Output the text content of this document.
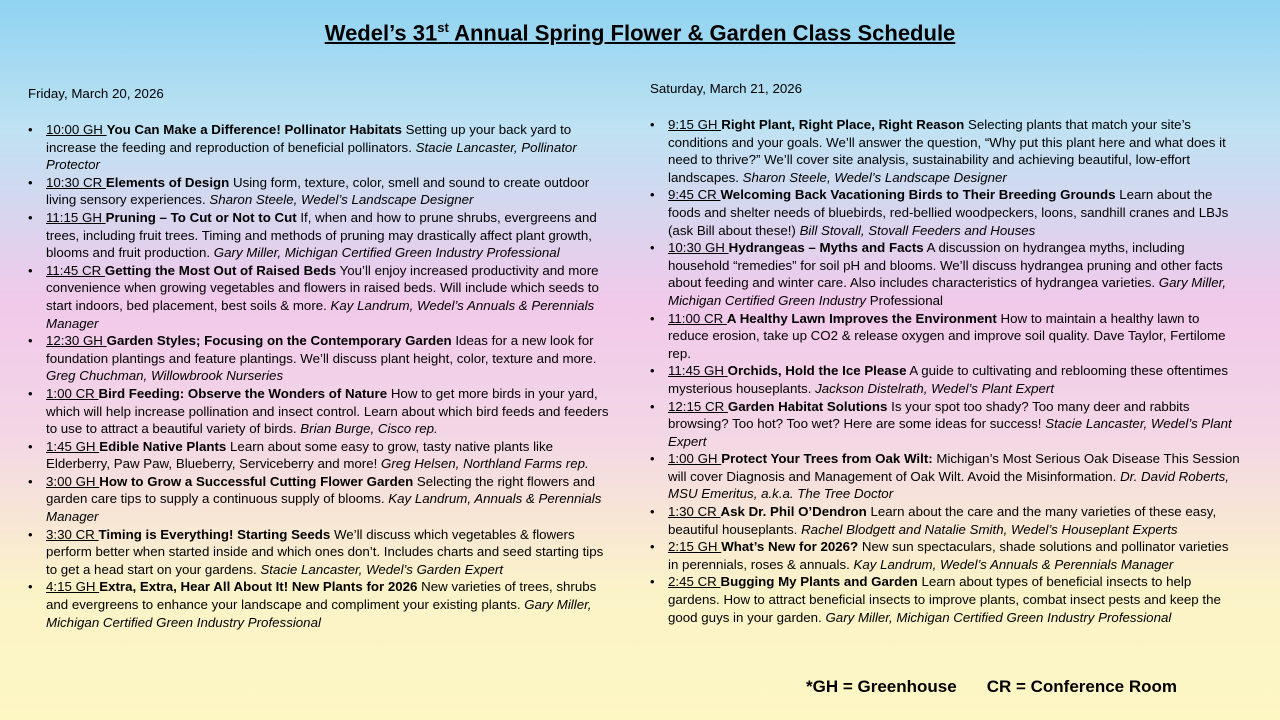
Wedel’s 31st Annual Spring Flower & Garden Class Schedule

Friday, March 20, 2026

• 10:00 GH You Can Make a Difference! Pollinator Habitats Setting up your back yard to increase the feeding and reproduction of beneficial pollinators. Stacie Lancaster, Pollinator Protector
• 10:30 CR Elements of Design Using form, texture, color, smell and sound to create outdoor living sensory experiences. Sharon Steele, Wedel’s Landscape Designer
• 11:15 GH Pruning – To Cut or Not to Cut If, when and how to prune shrubs, evergreens and trees, including fruit trees. Timing and methods of pruning may drastically affect plant growth, blooms and fruit production. Gary Miller, Michigan Certified Green Industry Professional
• 11:45 CR Getting the Most Out of Raised Beds You’ll enjoy increased productivity and more convenience when growing vegetables and flowers in raised beds. Will include which seeds to start indoors, bed placement, best soils & more. Kay Landrum, Wedel’s Annuals & Perennials Manager
• 12:30 GH Garden Styles; Focusing on the Contemporary Garden Ideas for a new look for foundation plantings and feature plantings. We’ll discuss plant height, color, texture and more. Greg Chuchman, Willowbrook Nurseries
• 1:00 CR Bird Feeding: Observe the Wonders of Nature How to get more birds in your yard, which will help increase pollination and insect control. Learn about which bird feeds and feeders to use to attract a beautiful variety of birds. Brian Burge, Cisco rep.
• 1:45 GH Edible Native Plants Learn about some easy to grow, tasty native plants like Elderberry, Paw Paw, Blueberry, Serviceberry and more! Greg Helsen, Northland Farms rep.
• 3:00 GH How to Grow a Successful Cutting Flower Garden Selecting the right flowers and garden care tips to supply a continuous supply of blooms. Kay Landrum, Annuals & Perennials Manager
• 3:30 CR Timing is Everything! Starting Seeds We’ll discuss which vegetables & flowers perform better when started inside and which ones don’t. Includes charts and seed starting tips to get a head start on your gardens. Stacie Lancaster, Wedel’s Garden Expert
• 4:15 GH Extra, Extra, Hear All About It! New Plants for 2026 New varieties of trees, shrubs and evergreens to enhance your landscape and compliment your existing plants. Gary Miller, Michigan Certified Green Industry Professional

Saturday, March 21, 2026

• 9:15 GH Right Plant, Right Place, Right Reason Selecting plants that match your site’s conditions and your goals. We’ll answer the question, “Why put this plant here and what does it need to thrive?” We’ll cover site analysis, sustainability and achieving beautiful, low-effort landscapes. Sharon Steele, Wedel’s Landscape Designer
• 9:45 CR Welcoming Back Vacationing Birds to Their Breeding Grounds Learn about the foods and shelter needs of bluebirds, red-bellied woodpeckers, loons, sandhill cranes and LBJs (ask Bill about these!) Bill Stovall, Stovall Feeders and Houses
• 10:30 GH Hydrangeas – Myths and Facts A discussion on hydrangea myths, including household “remedies” for soil pH and blooms. We’ll discuss hydrangea pruning and other facts about feeding and winter care. Also includes characteristics of hydrangea varieties. Gary Miller, Michigan Certified Green Industry Professional
• 11:00 CR A Healthy Lawn Improves the Environment How to maintain a healthy lawn to reduce erosion, take up CO2 & release oxygen and improve soil quality. Dave Taylor, Fertilome rep.
• 11:45 GH Orchids, Hold the Ice Please A guide to cultivating and reblooming these oftentimes mysterious houseplants. Jackson Distelrath, Wedel’s Plant Expert
• 12:15 CR Garden Habitat Solutions Is your spot too shady? Too many deer and rabbits browsing? Too hot? Too wet? Here are some ideas for success! Stacie Lancaster, Wedel’s Plant Expert
• 1:00 GH Protect Your Trees from Oak Wilt: Michigan’s Most Serious Oak Disease This Session will cover Diagnosis and Management of Oak Wilt. Avoid the Misinformation. Dr. David Roberts, MSU Emeritus, a.k.a. The Tree Doctor
• 1:30 CR Ask Dr. Phil O’Dendron Learn about the care and the many varieties of these easy, beautiful houseplants. Rachel Blodgett and Natalie Smith, Wedel’s Houseplant Experts
• 2:15 GH What’s New for 2026? New sun spectaculars, shade solutions and pollinator varieties in perennials, roses & annuals. Kay Landrum, Wedel’s Annuals & Perennials Manager
• 2:45 CR Bugging My Plants and Garden Learn about types of beneficial insects to help gardens. How to attract beneficial insects to improve plants, combat insect pests and keep the good guys in your garden. Gary Miller, Michigan Certified Green Industry Professional
*GH = Greenhouse CR = Conference Room
